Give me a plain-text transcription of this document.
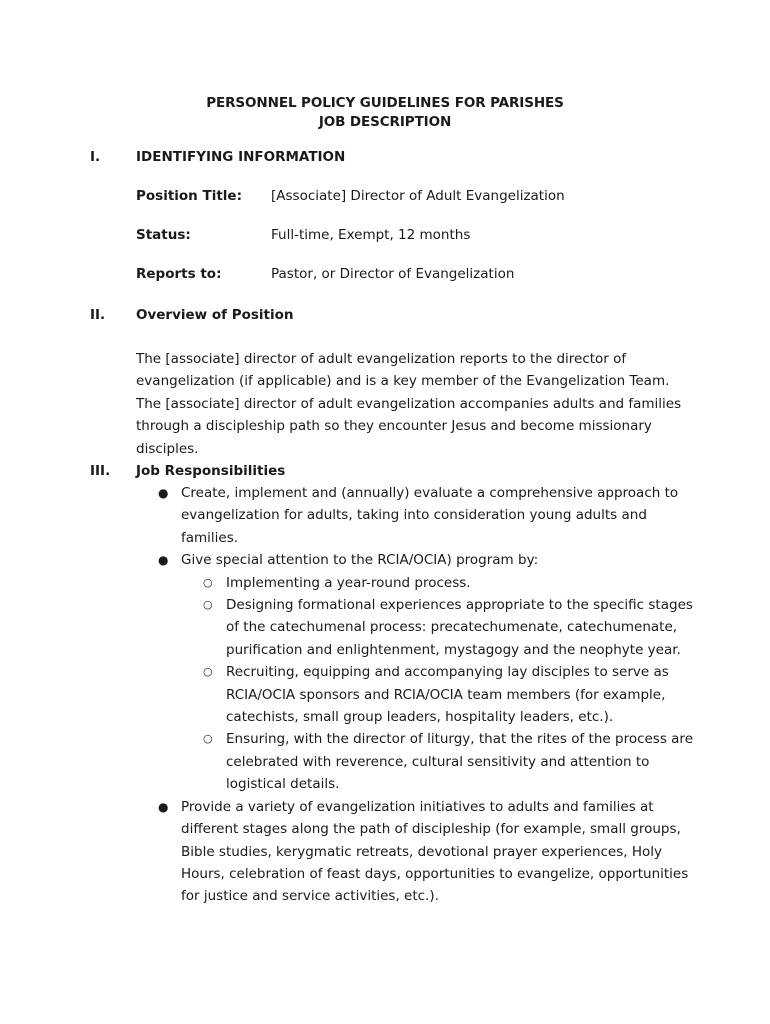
PERSONNEL POLICY GUIDELINES FOR PARISHES
JOB DESCRIPTION
I.	IDENTIFYING INFORMATION
Position Title: [Associate] Director of Adult Evangelization
Status:	Full-time, Exempt, 12 months
Reports to:	Pastor, or Director of Evangelization
II. Overview of Position

The [associate] director of adult evangelization reports to the director of evangelization (if applicable) and is a key member of the Evangelization Team. The [associate] director of adult evangelization accompanies adults and families through a discipleship path so they encounter Jesus and become missionary disciples.

III. Job Responsibilities
● Create, implement and (annually) evaluate a comprehensive approach to evangelization for adults, taking into consideration young adults and families.
● Give special attention to the RCIA/OCIA) program by:
○ Implementing a year-round process.
○ Designing formational experiences appropriate to the specific stages of the catechumenal process: precatechumenate, catechumenate, purification and enlightenment, mystagogy and the neophyte year.
○ Recruiting, equipping and accompanying lay disciples to serve as RCIA/OCIA sponsors and RCIA/OCIA team members (for example, catechists, small group leaders, hospitality leaders, etc.).
○ Ensuring, with the director of liturgy, that the rites of the process are celebrated with reverence, cultural sensitivity and attention to logistical details.
● Provide a variety of evangelization initiatives to adults and families at different stages along the path of discipleship (for example, small groups, Bible studies, kerygmatic retreats, devotional prayer experiences, Holy Hours, celebration of feast days, opportunities to evangelize, opportunities for justice and service activities, etc.).
